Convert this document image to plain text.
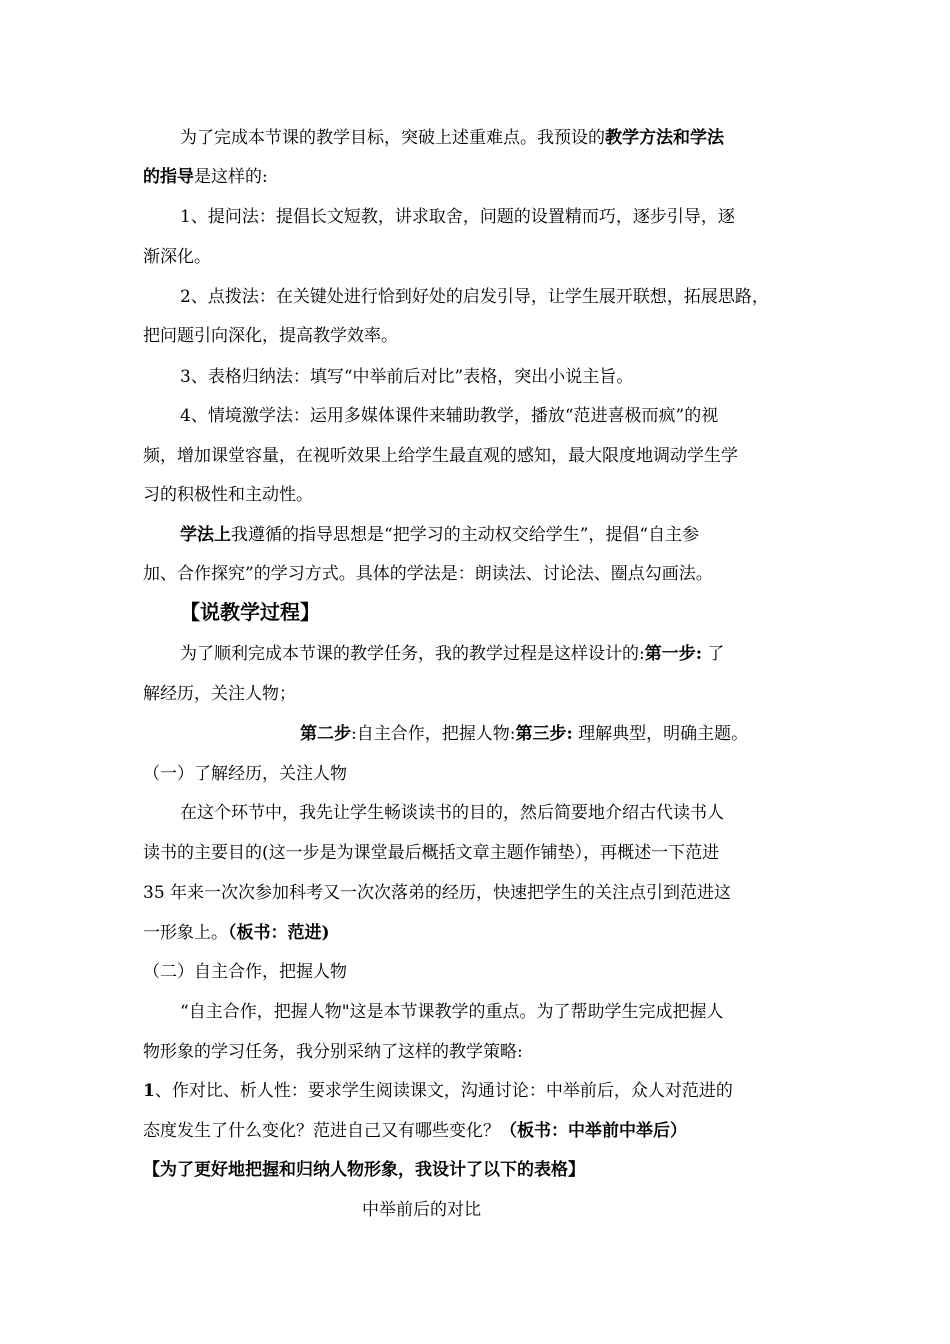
为了完成本节课的教学目标，突破上述重难点。我预设的教学方法和学法

的指导是这样的:

1、提问法：提倡长文短教，讲求取舍，问题的设置精而巧，逐步引导，逐

渐深化。

2、点拨法：在关键处进行恰到好处的启发引导，让学生展开联想，拓展思路，

把问题引向深化，提高教学效率。

3、表格归纳法：填写“中举前后对比”表格，突出小说主旨。

4、情境激学法：运用多媒体课件来辅助教学，播放“范进喜极而疯”的视

频，增加课堂容量，在视听效果上给学生最直观的感知，最大限度地调动学生学

习的积极性和主动性。

学法上我遵循的指导思想是“把学习的主动权交给学生”，提倡“自主参

加、合作探究”的学习方式。具体的学法是：朗读法、讨论法、圈点勾画法。

【说教学过程】

为了顺利完成本节课的教学任务，我的教学过程是这样设计的:第一步: 了

解经历，关注人物；

第二步:自主合作，把握人物:第三步: 理解典型，明确主题。

（一）了解经历，关注人物

在这个环节中，我先让学生畅谈读书的目的，然后简要地介绍古代读书人

读书的主要目的(这一步是为课堂最后概括文章主题作铺垫），再概述一下范进

35 年来一次次参加科考又一次次落弟的经历，快速把学生的关注点引到范进这

一形象上。（板书：范进)

（二）自主合作，把握人物

“自主合作，把握人物"这是本节课教学的重点。为了帮助学生完成把握人

物形象的学习任务，我分别采纳了这样的教学策略:

1、作对比、析人性：要求学生阅读课文，沟通讨论：中举前后，众人对范进的

态度发生了什么变化？范进自己又有哪些变化？（板书：中举前中举后）

【为了更好地把握和归纳人物形象，我设计了以下的表格】

中举前后的对比
